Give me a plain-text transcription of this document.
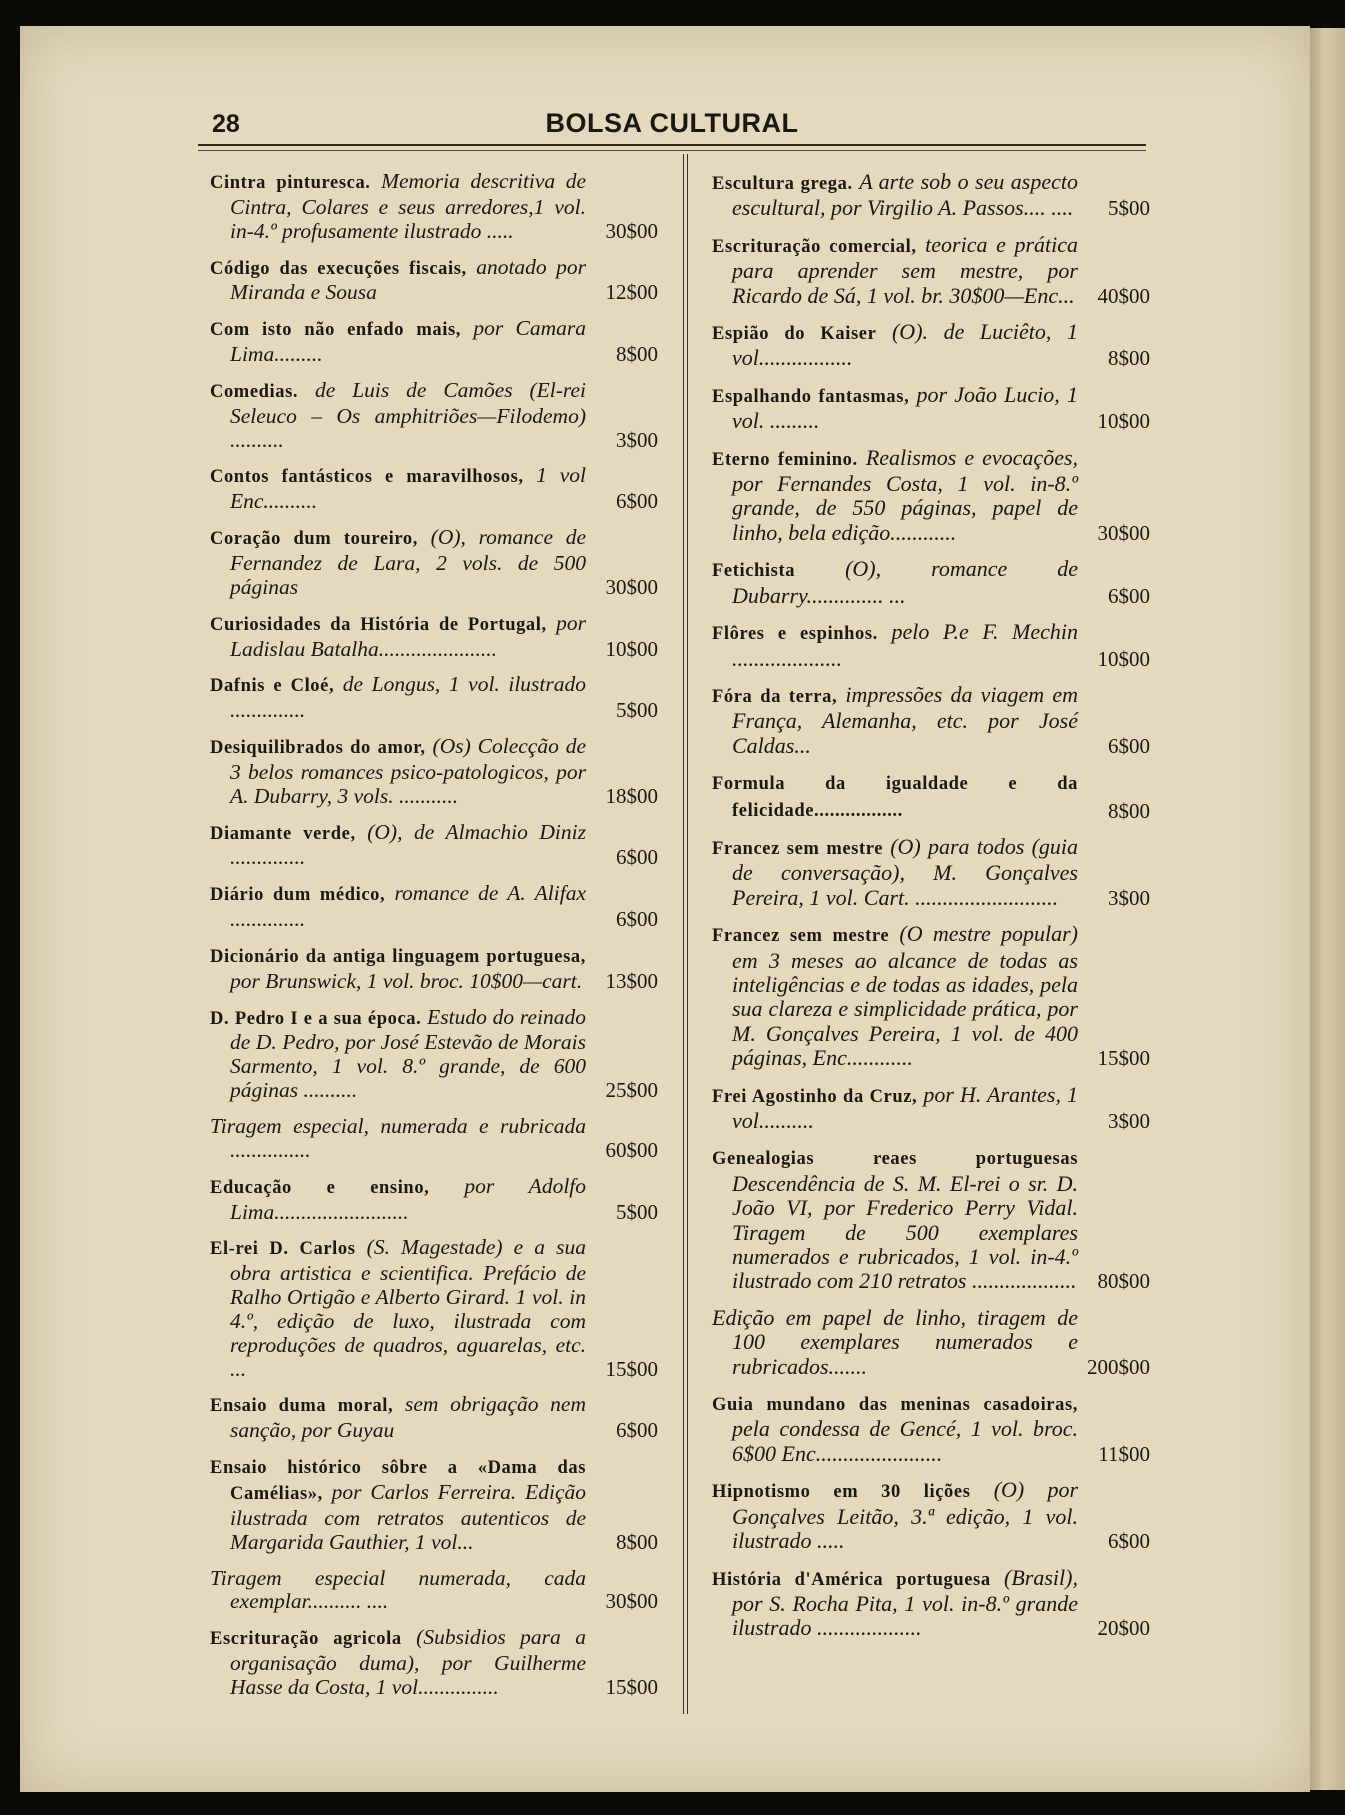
28	BOLSA CULTURAL
Cintra pinturesca. Memoria descritiva de Cintra, Colares e seus arredores,1 vol. in-4.º profusamente ilustrado .....	30$00
Código das execuções fiscais, anotado por Miranda e Sousa	12$00
Com isto não enfado mais, por Camara Lima.........	8$00
Comedias. de Luis de Camões (El-rei Seleuco – Os amphitriões—Filodemo) ..........	3$00
Contos fantásticos e maravilhosos, 1 vol Enc..........	6$00
Coração dum toureiro, (O), romance de Fernandez de Lara, 2 vols. de 500 páginas	30$00
Curiosidades da História de Portugal, por Ladislau Batalha......................	10$00
Dafnis e Cloé, de Longus, 1 vol. ilustrado ..............	5$00
Desiquilibrados do amor, (Os) Colecção de 3 belos romances psico-patologicos, por A. Dubarry, 3 vols. ...........	18$00
Diamante verde, (O), de Almachio Diniz ..............	6$00
Diário dum médico, romance de A. Alifax ..............	6$00
Dicionário da antiga linguagem portuguesa, por Brunswick, 1 vol. broc. 10$00—cart.	13$00
D. Pedro I e a sua época. Estudo do reinado de D. Pedro, por José Estevão de Morais Sarmento, 1 vol. 8.º grande, de 600 páginas ..........	25$00
Tiragem especial, numerada e rubricada ...............	60$00
Educação e ensino, por Adolfo Lima.........................	5$00
El-rei D. Carlos (S. Magestade) e a sua obra artistica e scientifica. Prefácio de Ralho Ortigão e Alberto Girard. 1 vol. in 4.º, edição de luxo, ilustrada com reproduções de quadros, aguarelas, etc. ...	15$00
Ensaio duma moral, sem obrigação nem sanção, por Guyau	6$00
Ensaio histórico sôbre a «Dama das Camélias», por Carlos Ferreira. Edição ilustrada com retratos autenticos de Margarida Gauthier, 1 vol...	8$00
Tiragem especial numerada, cada exemplar.......... ....	30$00
Escrituração agricola (Subsidios para a organisação duma), por Guilherme Hasse da Costa, 1 vol...............	15$00
Escultura grega. A arte sob o seu aspecto escultural, por Virgilio A. Passos.... ....	5$00
Escrituração comercial, teorica e prática para aprender sem mestre, por Ricardo de Sá, 1 vol. br. 30$00—Enc...	40$00
Espião do Kaiser (O). de Luciêto, 1 vol.................	8$00
Espalhando fantasmas, por João Lucio, 1 vol. .........	10$00
Eterno feminino. Realismos e evocações, por Fernandes Costa, 1 vol. in-8.º grande, de 550 páginas, papel de linho, bela edição............	30$00
Fetichista (O), romance de Dubarry.............. ...	6$00
Flôres e espinhos. pelo P.e F. Mechin ....................	10$00
Fóra da terra, impressões da viagem em França, Alemanha, etc. por José Caldas...	6$00
Formula da igualdade e da felicidade.................	8$00
Francez sem mestre (O) para todos (guia de conversação), M. Gonçalves Pereira, 1 vol. Cart. ..........................	3$00
Francez sem mestre (O mestre popular) em 3 meses ao alcance de todas as inteligências e de todas as idades, pela sua clareza e simplicidade prática, por M. Gonçalves Pereira, 1 vol. de 400 páginas, Enc............	15$00
Frei Agostinho da Cruz, por H. Arantes, 1 vol..........	3$00
Genealogias reaes portuguesas Descendência de S. M. El-rei o sr. D. João VI, por Frederico Perry Vidal. Tiragem de 500 exemplares numerados e rubricados, 1 vol. in-4.º ilustrado com 210 retratos ...................	80$00
Edição em papel de linho, tiragem de 100 exemplares numerados e rubricados.......	200$00
Guia mundano das meninas casadoiras, pela condessa de Gencé, 1 vol. broc. 6$00 Enc.......................	11$00
Hipnotismo em 30 lições (O) por Gonçalves Leitão, 3.ª edição, 1 vol. ilustrado .....	6$00
História d'América portuguesa (Brasil), por S. Rocha Pita, 1 vol. in-8.º grande ilustrado ...................	20$00
